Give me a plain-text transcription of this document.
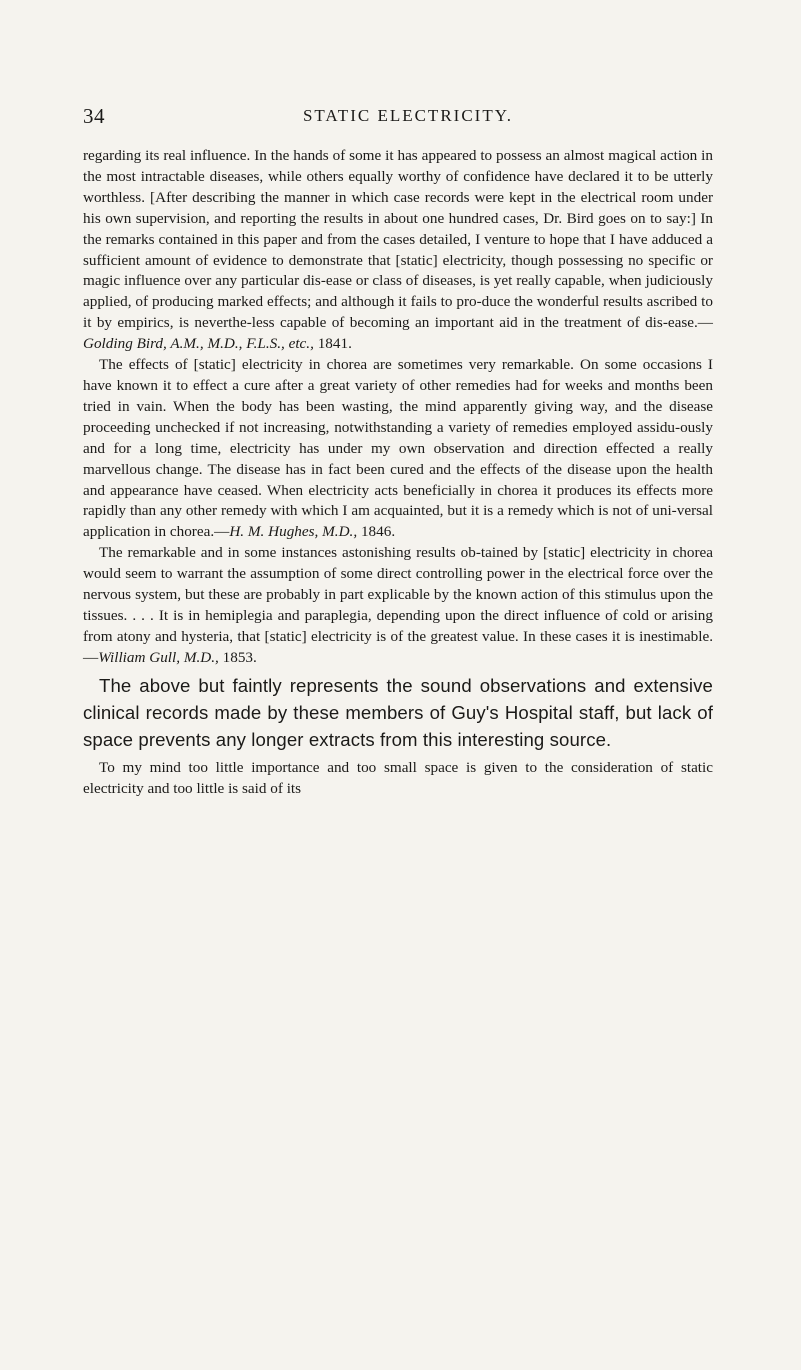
34	STATIC ELECTRICITY.

regarding its real influence. In the hands of some it has appeared to possess an almost magical action in the most intractable diseases, while others equally worthy of confidence have declared it to be utterly worthless. [After describing the manner in which case records were kept in the electrical room under his own supervision, and reporting the results in about one hundred cases, Dr. Bird goes on to say:] In the remarks contained in this paper and from the cases detailed, I venture to hope that I have adduced a sufficient amount of evidence to demonstrate that [static] electricity, though possessing no specific or magic influence over any particular dis-ease or class of diseases, is yet really capable, when judiciously applied, of producing marked effects; and although it fails to pro-duce the wonderful results ascribed to it by empirics, is neverthe-less capable of becoming an important aid in the treatment of dis-ease.—Golding Bird, A.M., M.D., F.L.S., etc., 1841.

The effects of [static] electricity in chorea are sometimes very remarkable. On some occasions I have known it to effect a cure after a great variety of other remedies had for weeks and months been tried in vain. When the body has been wasting, the mind apparently giving way, and the disease proceeding unchecked if not increasing, notwithstanding a variety of remedies employed assidu-ously and for a long time, electricity has under my own observation and direction effected a really marvellous change. The disease has in fact been cured and the effects of the disease upon the health and appearance have ceased. When electricity acts beneficially in chorea it produces its effects more rapidly than any other remedy with which I am acquainted, but it is a remedy which is not of uni-versal application in chorea.—H. M. Hughes, M.D., 1846.

The remarkable and in some instances astonishing results ob-tained by [static] electricity in chorea would seem to warrant the assumption of some direct controlling power in the electrical force over the nervous system, but these are probably in part explicable by the known action of this stimulus upon the tissues. . . . It is in hemiplegia and paraplegia, depending upon the direct influence of cold or arising from atony and hysteria, that [static] electricity is of the greatest value. In these cases it is inestimable.—William Gull, M.D., 1853.

The above but faintly represents the sound observations and extensive clinical records made by these members of Guy's Hospital staff, but lack of space prevents any longer extracts from this interesting source.

To my mind too little importance and too small space is given to the consideration of static electricity and too little is said of its
